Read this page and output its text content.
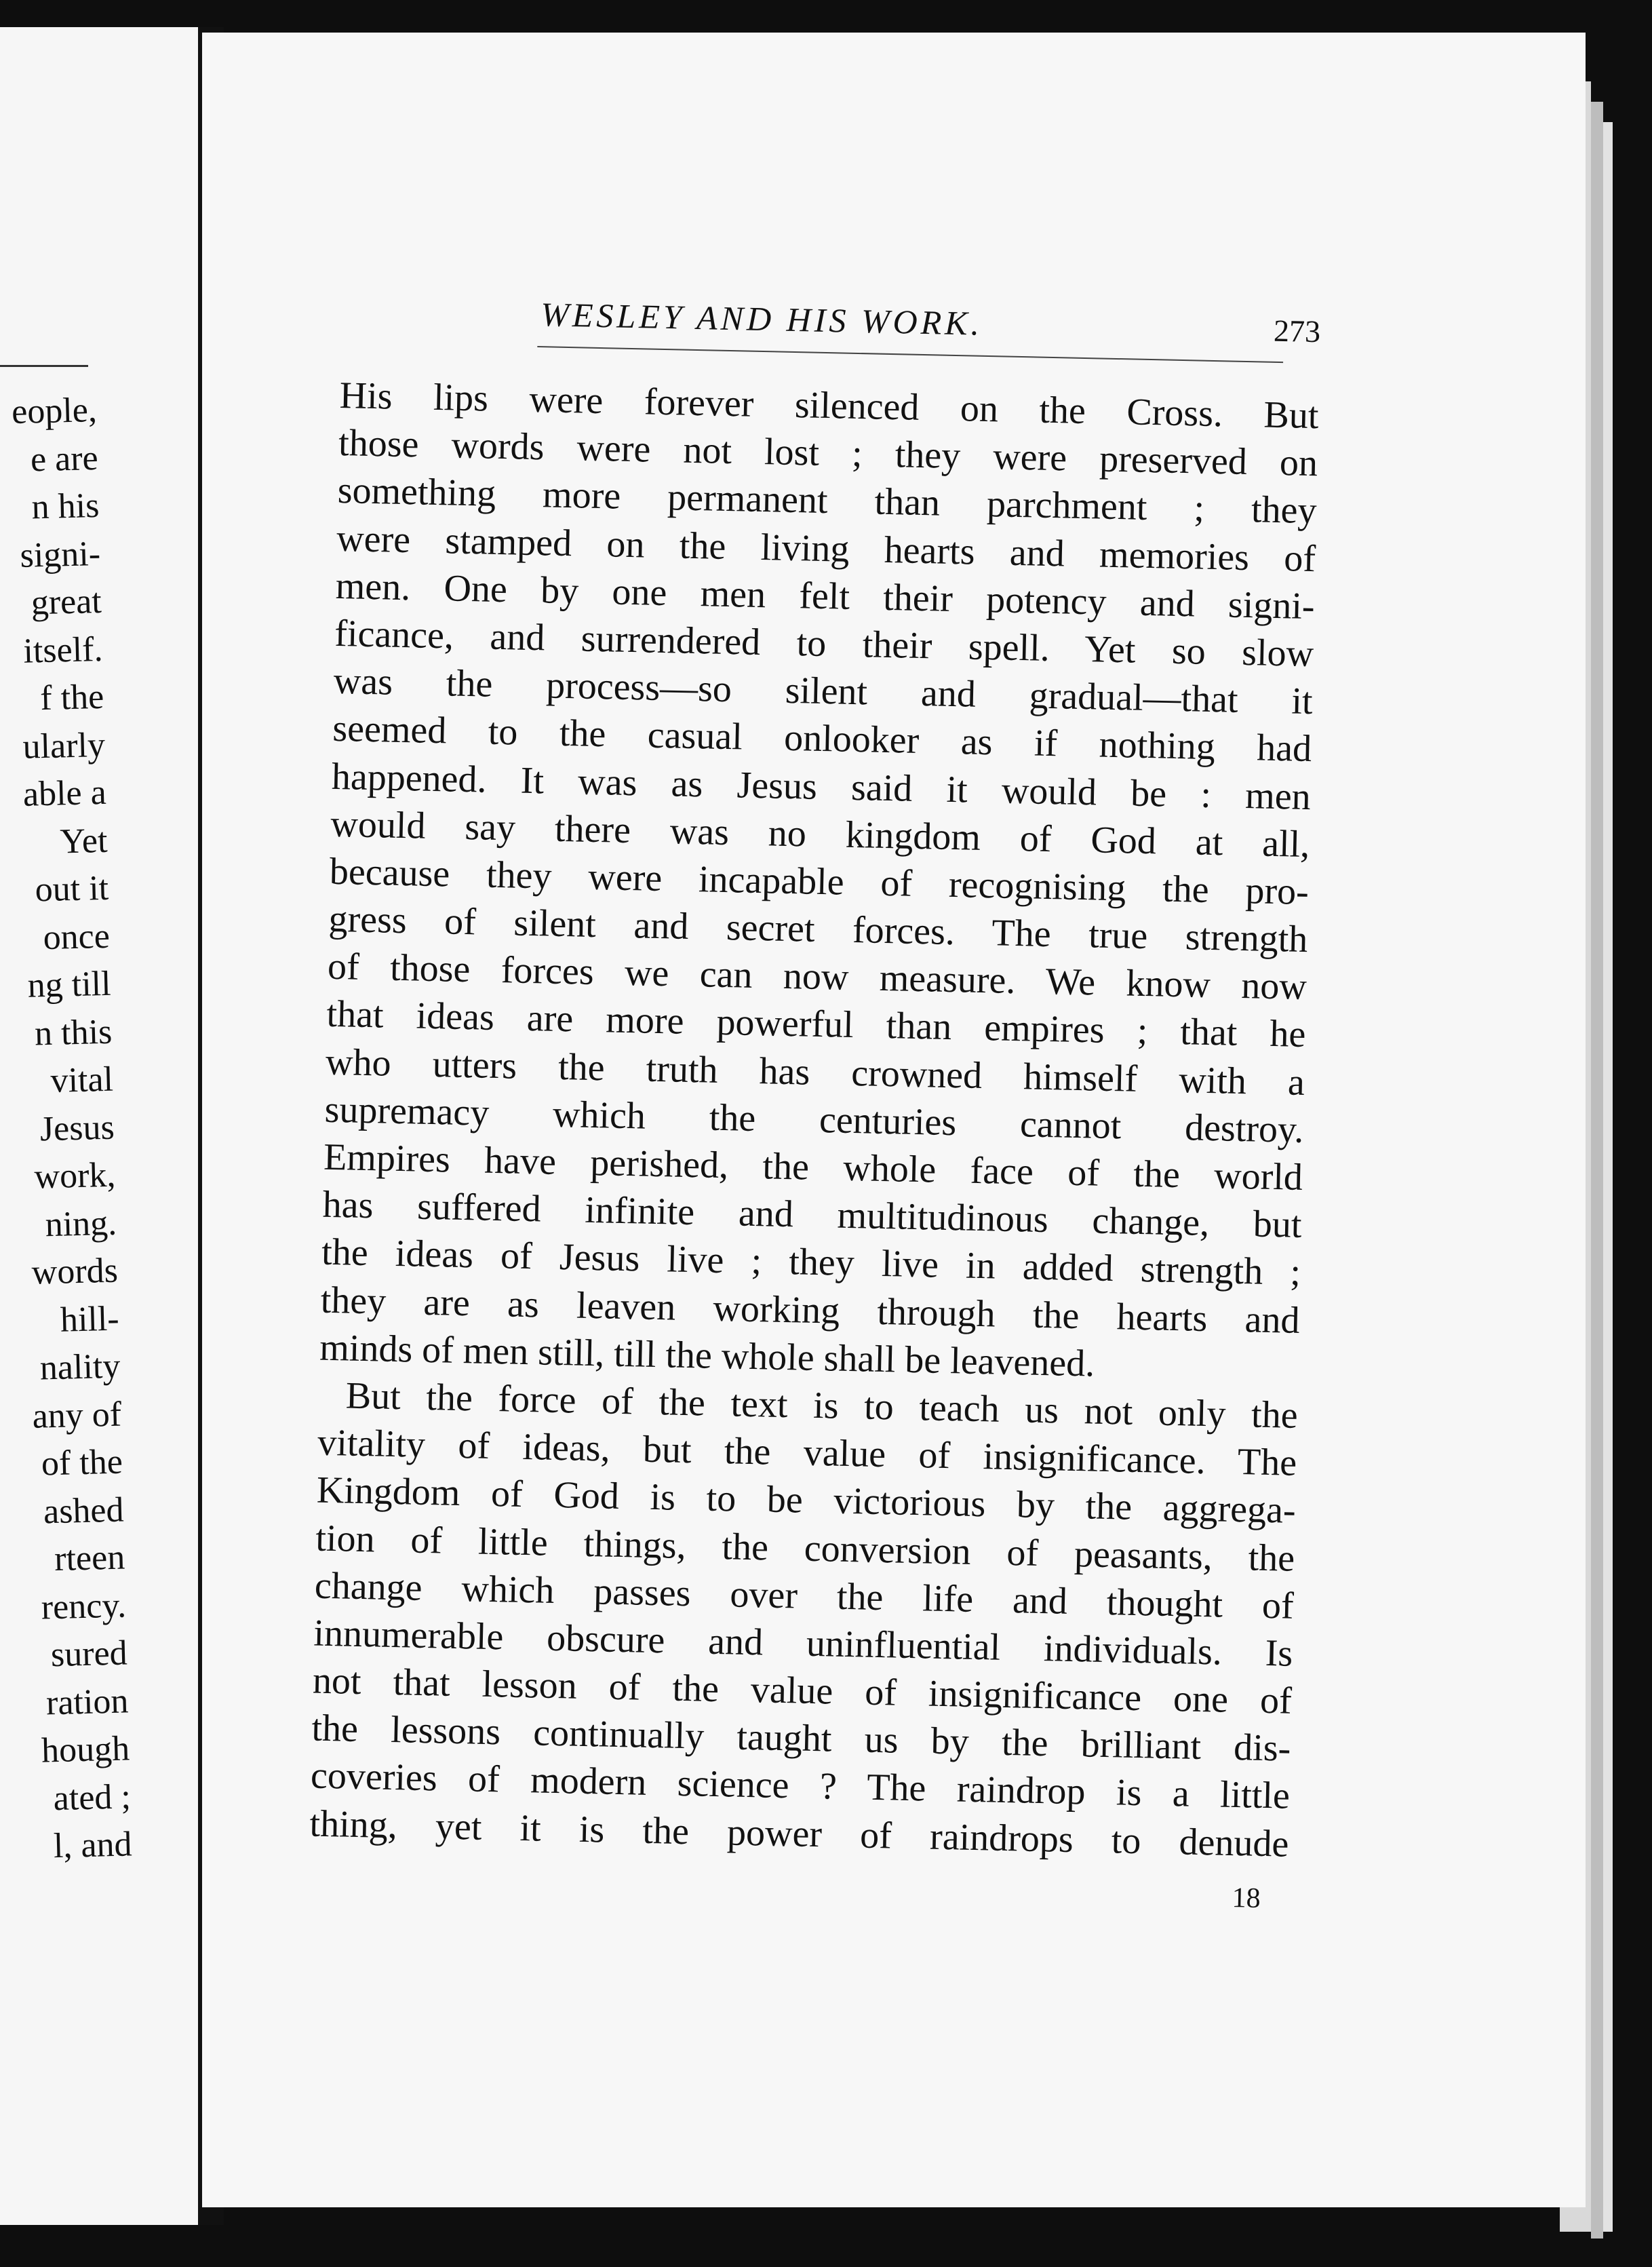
eople,
e are
n his
signi-
great
itself.
f the
ularly
able a
Yet
out it
once
ng till
n this
vital
Jesus
work,
ning.
words
hill-
nality
any of
of the
ashed
rteen
rency.
sured
ration
hough
ated ;
l, and
WESLEY AND HIS WORK.	273
His lips were forever silenced on the Cross. But
those words were not lost ; they were preserved on
something more permanent than parchment ; they
were stamped on the living hearts and memories of
men. One by one men felt their potency and signi-
ficance, and surrendered to their spell. Yet so slow
was the process—so silent and gradual—that it
seemed to the casual onlooker as if nothing had
happened. It was as Jesus said it would be : men
would say there was no kingdom of God at all,
because they were incapable of recognising the pro-
gress of silent and secret forces. The true strength
of those forces we can now measure. We know now
that ideas are more powerful than empires ; that he
who utters the truth has crowned himself with a
supremacy which the centuries cannot destroy.
Empires have perished, the whole face of the world
has suffered infinite and multitudinous change, but
the ideas of Jesus live ; they live in added strength ;
they are as leaven working through the hearts and
minds of men still, till the whole shall be leavened.
But the force of the text is to teach us not only the
vitality of ideas, but the value of insignificance. The
Kingdom of God is to be victorious by the aggrega-
tion of little things, the conversion of peasants, the
change which passes over the life and thought of
innumerable obscure and uninfluential individuals. Is
not that lesson of the value of insignificance one of
the lessons continually taught us by the brilliant dis-
coveries of modern science ? The raindrop is a little
thing, yet it is the power of raindrops to denude
18
